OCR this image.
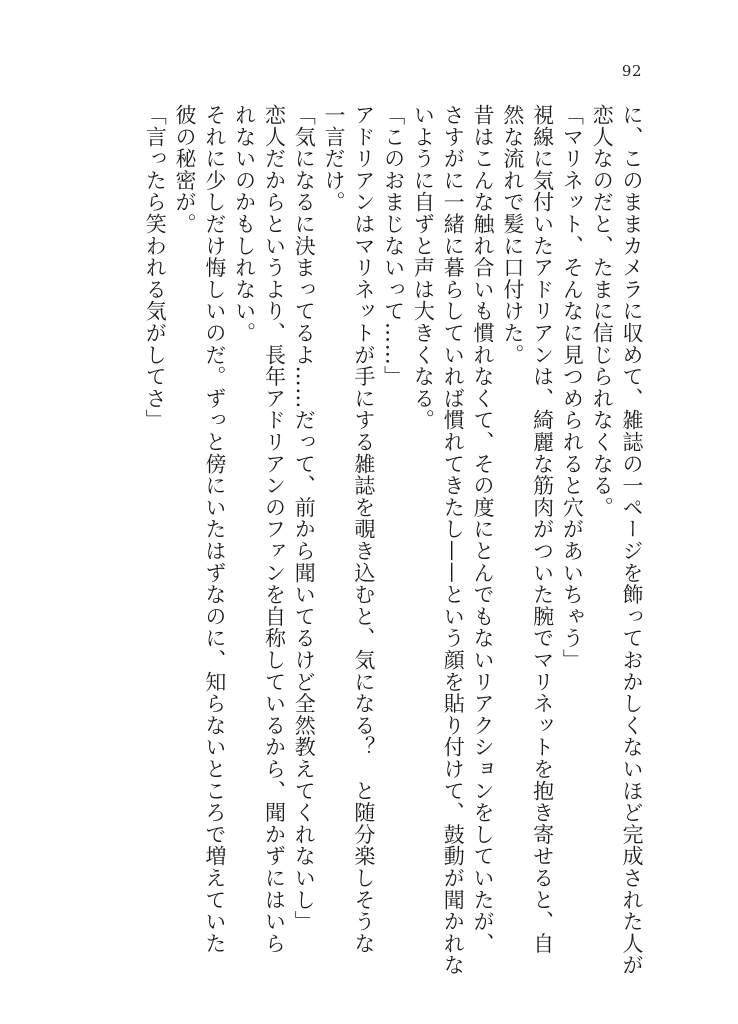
92
に、このままカメラに収めて、雑誌の一ページを飾っておかしくないほど完成された人が
恋人なのだと、たまに信じられなくなる。
「マリネット、そんなに見つめられると穴があいちゃう」
視線に気付いたアドリアンは、綺麗な筋肉がついた腕でマリネットを抱き寄せると、自
然な流れで髪に口付けた。
昔はこんな触れ合いも慣れなくて、その度にとんでもないリアクションをしていたが、
さすがに一緒に暮らしていれば慣れてきたし——という顔を貼り付けて、鼓動が聞かれな
いように自ずと声は大きくなる。
「このおまじないって……」
アドリアンはマリネットが手にする雑誌を覗き込むと、気になる？　と随分楽しそうな
一言だけ。
「気になるに決まってるよ……だって、前から聞いてるけど全然教えてくれないし」
恋人だからというより、長年アドリアンのファンを自称しているから、聞かずにはいら
れないのかもしれない。
それに少しだけ悔しいのだ。ずっと傍にいたはずなのに、知らないところで増えていた
彼の秘密が。
「言ったら笑われる気がしてさ」
